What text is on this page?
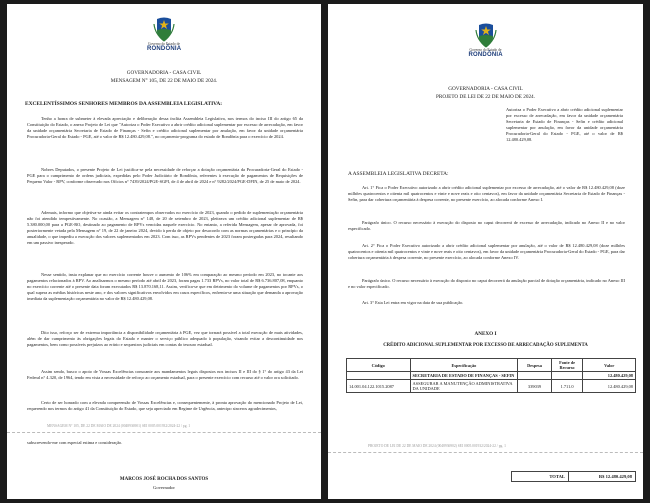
Governo do Estado de
RONDÔNIA
GOVERNADORIA - CASA CIVIL
MENSAGEM N° 105, DE 22 DE MAIO DE 2024.
EXCELENTÍSSIMOS SENHORES MEMBROS DA ASSEMBLEIA LEGISLATIVA:

Tenho a honra de submeter à elevada apreciação e deliberação dessa ínclita Assembleia Legislativa, nos termos do inciso III do artigo 65 da Constituição do Estado, o anexo Projeto de Lei que "Autoriza o Poder Executivo a abrir crédito adicional suplementar por excesso de arrecadação, em favor da unidade orçamentária Secretaria de Estado de Finanças - Sefin e crédito adicional suplementar por anulação, em favor da unidade orçamentária Procuradoria-Geral do Estado - PGE, até o valor de R$ 12.480.429,08.", no orçamento-programa do estado de Rondônia para o exercício de 2024.

Nobres Deputados, o presente Projeto de Lei justifica-se pela necessidade de reforçar a dotação orçamentária da Procuradoria-Geral do Estado - PGE para o cumprimento de ordens judiciais, expedidas pelo Poder Judiciário de Rondônia, referentes à execução de pagamentos de Requisições de Pequeno Valor - RPV, conforme observado nos Ofícios n° 7439/2024/PGE-SGPI, de 4 de abril de 2024 e n° 9282/2024/PGE-DFIN, de 25 de maio de 2024.

Ademais, informo que objetiva-se ainda evitar os contratempos observados no exercício de 2023, quando o pedido de suplementação orçamentária não foi atendido tempestivamente. No ocasião, a Mensagem n° 148, de 20 de setembro de 2023, pleiteava um crédito adicional suplementar de R$ 5.380.000,00 para a PGE-RO, destinado ao pagamento de RPVs vencidas naquele exercício. No entanto, a referida Mensagem, apesar de aprovada, foi posteriormente vetada pela Mensagem n° 19, de 22 de janeiro 2024, devido à perda de objeto por desacordo com as normas orçamentárias e o princípio da anualidade, o que impediu a execução dos valores suplementados em 2023. Com isso, as RPVs pendentes de 2023 foram postergadas para 2024, resultando em um passivo inesperado.

Nesse sentido, insta explanar que no exercício corrente houve o aumento de 106% em comparação ao mesmo período em 2023, no tocante aos pagamentos relacionados à RPV. Ao analisarmos o mesmo período até abril de 2023, foram pagas 1.733 RPVs, no valor total de R$ 6.736.807,08, enquanto no exercício corrente até o presente data foram executados R$ 13.870.168,11. Assim, verifica-se que em detrimento do volume de pagamentos por RPVs, o qual supera as médias históricas neste ano, e dos valores significativos envolvidos em casos específicos, enfrenta-se uma situação que demanda a aprovação imediata da suplementação orçamentária no valor de R$ 12.480.429,08.

Dito isso, reforço ser de extrema importância a disponibilidade orçamentária à PGE, vez que tornará possível a total execução de mais atividades, além de dar cumprimento às obrigações legais do Estado e manter o serviço público adequado à população, visando evitar a descontinuidade nos pagamentos, bem como possíveis prejuízos ao erário e sequestros judiciais em contas do tesouro estadual.

Assim sendo, busco o apoio de Vossas Excelências consoante aos mandamentos legais dispostos nos incisos II e III do § 1° do artigo 43 da Lei Federal n° 4.320, de 1964, tendo em vista a necessidade de reforço ao orçamento estadual, para o presente exercício com recurso até o valor ora solicitado.

Certo de ser honrado com a elevada compreensão de Vossas Excelências e, consequentemente, à pronta aprovação do mencionado Projeto de Lei, requerendo nos termos do artigo 41 da Constituição do Estado, que seja apreciado em Regime de Urgência, antecipo sinceros agradecimentos,

MENSAGEM N° 105, DE 22 DE MAIO DE 2024 (0048936901) SEI 0005.001932/2024-22 / pg. 1

subscrevendo-me com especial estima e consideração.

MARCOS JOSÉ ROCHA DOS SANTOS
Governador
Governo do Estado de
RONDÔNIA
GOVERNADORIA - CASA CIVIL
PROJETO DE LEI DE 22 DE MAIO DE 2024.

Autoriza o Poder Executivo a abrir crédito adicional suplementar por excesso de arrecadação, em favor da unidade orçamentária Secretaria de Estado de Finanças - Sefin e crédito adicional suplementar por anulação, em favor da unidade orçamentária Procuradoria-Geral do Estado - PGE, até o valor de R$ 12.480.429,08.

A ASSEMBLEIA LEGISLATIVA DECRETA:

Art. 1° Fica o Poder Executivo autorizado a abrir crédito adicional suplementar por excesso de arrecadação, até o valor de R$ 12.480.429,08 (doze milhões quatrocentos e oitenta mil quatrocentos e vinte e nove reais e oito centavos), em favor da unidade orçamentária Secretaria de Estado de Finanças - Sefin, para dar cobertura orçamentária à despesa corrente, no presente exercício, ao alocada conforme Anexo I.

Parágrafo único. O recurso necessário à execução do disposto no caput decorrerá de excesso de arrecadação, indicado no Anexo II e no valor especificado.

Art. 2° Fica o Poder Executivo autorizado a abrir crédito adicional suplementar por anulação, até o valor de R$ 12.480.429,08 (doze milhões quatrocentos e oitenta mil quatrocentos e vinte e nove reais e oito centavos), em favor da unidade orçamentária Procuradoria-Geral do Estado - PGE, para dar cobertura orçamentária à despesa corrente, no presente exercício, ao alocada conforme Anexo IV.

Parágrafo único. O recurso necessário à execução do disposto no caput decorrerá da anulação parcial de dotação orçamentária, indicado no Anexo III e no valor especificado.

Art. 3° Esta Lei entra em vigor na data de sua publicação.

ANEXO I
CRÉDITO ADICIONAL SUPLEMENTAR POR EXCESSO DE ARRECADAÇÃO SUPLEMENTA
Código	Especificação	Despesa	Fonte de Recurso	Valor
	SECRETARIA DE ESTADO DE FINANÇAS - SEFIN			12.480.429,08
14.001.04.122.1015.2087	ASSEGURAR A MANUTENÇÃO ADMINISTRATIVA DA UNIDADE	339039	1.711.0	12.480.429,08
PROJETO DE LEI DE 22 DE MAIO DE 2024 (0048936902) SEI 0005.001932/2024-22 / pg. 1
TOTAL	R$ 12.480.429,08
